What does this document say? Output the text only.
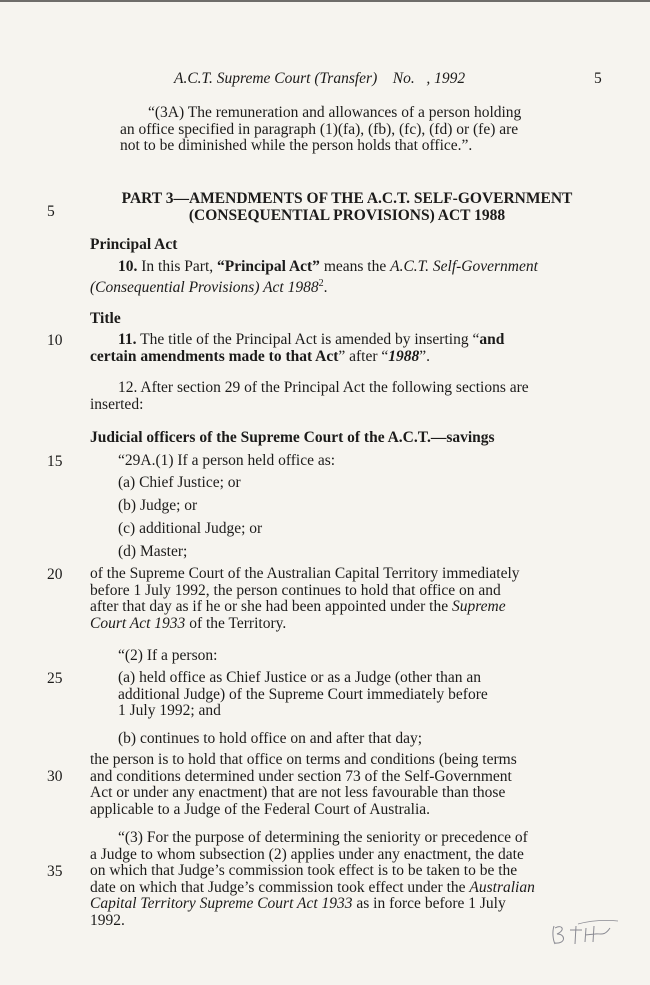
A.C.T. Supreme Court (Transfer)    No.   , 1992	5
“(3A) The remuneration and allowances of a person holding
an office specified in paragraph (1)(fa), (fb), (fc), (fd) or (fe) are
not to be diminished while the person holds that office.”.
PART 3—AMENDMENTS OF THE A.C.T. SELF-GOVERNMENT
(CONSEQUENTIAL PROVISIONS) ACT 1988
Principal Act
10. In this Part, “Principal Act” means the A.C.T. Self-Government
(Consequential Provisions) Act 1988$^2$.
Title
11. The title of the Principal Act is amended by inserting “and
certain amendments made to that Act” after “1988”.
12. After section 29 of the Principal Act the following sections are
inserted:
Judicial officers of the Supreme Court of the A.C.T.—savings
“29A.(1) If a person held office as:
(a) Chief Justice; or
(b) Judge; or
(c) additional Judge; or
(d) Master;
of the Supreme Court of the Australian Capital Territory immediately
before 1 July 1992, the person continues to hold that office on and
after that day as if he or she had been appointed under the Supreme
Court Act 1933 of the Territory.
“(2) If a person:
(a) held office as Chief Justice or as a Judge (other than an
additional Judge) of the Supreme Court immediately before
1 July 1992; and
(b) continues to hold office on and after that day;
the person is to hold that office on terms and conditions (being terms
and conditions determined under section 73 of the Self-Government
Act or under any enactment) that are not less favourable than those
applicable to a Judge of the Federal Court of Australia.
“(3) For the purpose of determining the seniority or precedence of
a Judge to whom subsection (2) applies under any enactment, the date
on which that Judge’s commission took effect is to be taken to be the
date on which that Judge’s commission took effect under the Australian
Capital Territory Supreme Court Act 1933 as in force before 1 July
1992.
5
10
15
20
25
30
35
